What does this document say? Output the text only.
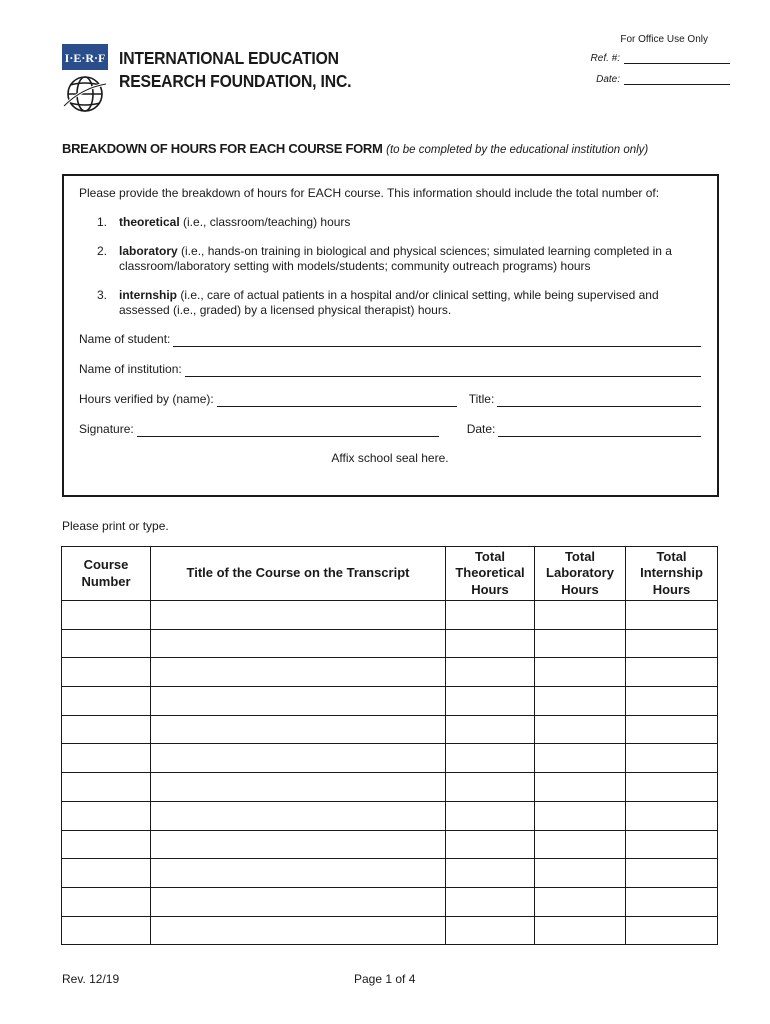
I·E·R·F INTERNATIONAL EDUCATION
RESEARCH FOUNDATION, INC.
For Office Use Only
Ref. #:
Date:
BREAKDOWN OF HOURS FOR EACH COURSE FORM (to be completed by the educational institution only)
Please provide the breakdown of hours for EACH course. This information should include the total number of:
1. theoretical (i.e., classroom/teaching) hours
2. laboratory (i.e., hands-on training in biological and physical sciences; simulated learning completed in a classroom/laboratory setting with models/students; community outreach programs) hours
3. internship (i.e., care of actual patients in a hospital and/or clinical setting, while being supervised and assessed (i.e., graded) by a licensed physical therapist) hours.
Name of student:
Name of institution:
Hours verified by (name):	Title:
Signature:	Date:
Affix school seal here.
Please print or type.
Course
Number	Title of the Course on the Transcript	Total
Theoretical
Hours	Total
Laboratory
Hours	Total
Internship
Hours

Rev. 12/19	Page 1 of 4
